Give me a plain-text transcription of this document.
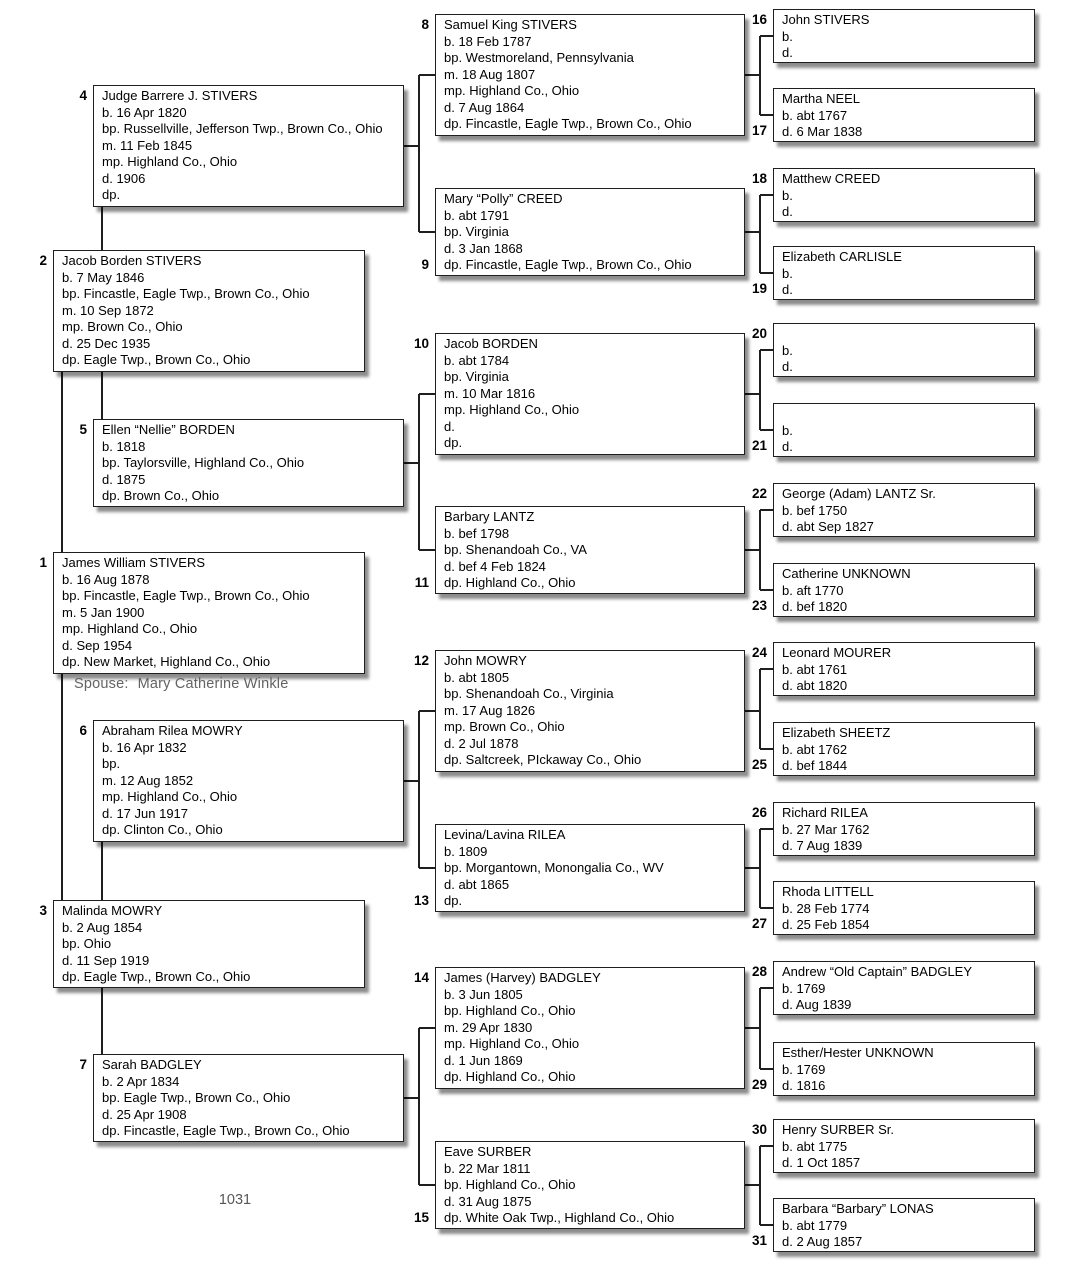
James William STIVERS
b. 16 Aug 1878
bp. Fincastle, Eagle Twp., Brown Co., Ohio
m. 5 Jan 1900
mp. Highland Co., Ohio
d. Sep 1954
dp. New Market, Highland Co., Ohio
1
Jacob Borden STIVERS
b. 7 May 1846
bp. Fincastle, Eagle Twp., Brown Co., Ohio
m. 10 Sep 1872
mp. Brown Co., Ohio
d. 25 Dec 1935
dp. Eagle Twp., Brown Co., Ohio
2
Malinda MOWRY
b. 2 Aug 1854
bp. Ohio
d. 11 Sep 1919
dp. Eagle Twp., Brown Co., Ohio
3
Judge Barrere J. STIVERS
b. 16 Apr 1820
bp. Russellville, Jefferson Twp., Brown Co., Ohio
m. 11 Feb 1845
mp. Highland Co., Ohio
d. 1906
dp.
4
Ellen “Nellie” BORDEN
b. 1818
bp. Taylorsville, Highland Co., Ohio
d. 1875
dp. Brown Co., Ohio
5
Abraham Rilea MOWRY
b. 16 Apr 1832
bp.
m. 12 Aug 1852
mp. Highland Co., Ohio
d. 17 Jun 1917
dp. Clinton Co., Ohio
6
Sarah BADGLEY
b. 2 Apr 1834
bp. Eagle Twp., Brown Co., Ohio
d. 25 Apr 1908
dp. Fincastle, Eagle Twp., Brown Co., Ohio
7
Samuel King STIVERS
b. 18 Feb 1787
bp. Westmoreland, Pennsylvania
m. 18 Aug 1807
mp. Highland Co., Ohio
d. 7 Aug 1864
dp. Fincastle, Eagle Twp., Brown Co., Ohio
8
Mary “Polly” CREED
b. abt 1791
bp. Virginia
d. 3 Jan 1868
dp. Fincastle, Eagle Twp., Brown Co., Ohio
9
Jacob BORDEN
b. abt 1784
bp. Virginia
m. 10 Mar 1816
mp. Highland Co., Ohio
d.
dp.
10
Barbary LANTZ
b. bef 1798
bp. Shenandoah Co., VA
d. bef 4 Feb 1824
dp. Highland Co., Ohio
11
John MOWRY
b. abt 1805
bp. Shenandoah Co., Virginia
m. 17 Aug 1826
mp. Brown Co., Ohio
d. 2 Jul 1878
dp. Saltcreek, PIckaway Co., Ohio
12
Levina/Lavina RILEA
b. 1809
bp. Morgantown, Monongalia Co., WV
d. abt 1865
dp.
13
James (Harvey) BADGLEY
b. 3 Jun 1805
bp. Highland Co., Ohio
m. 29 Apr 1830
mp. Highland Co., Ohio
d. 1 Jun 1869
dp. Highland Co., Ohio
14
Eave SURBER
b. 22 Mar 1811
bp. Highland Co., Ohio
d. 31 Aug 1875
dp. White Oak Twp., Highland Co., Ohio
15
John STIVERS
b.
d.
16
Martha NEEL
b. abt 1767
d. 6 Mar 1838
17
Matthew CREED
b.
d.
18
Elizabeth CARLISLE
b.
d.
19
b.
d.
20
b.
d.
21
George (Adam) LANTZ Sr.
b. bef 1750
d. abt Sep 1827
22
Catherine UNKNOWN
b. aft 1770
d. bef 1820
23
Leonard MOURER
b. abt 1761
d. abt 1820
24
Elizabeth SHEETZ
b. abt 1762
d. bef 1844
25
Richard RILEA
b. 27 Mar 1762
d. 7 Aug 1839
26
Rhoda LITTELL
b. 28 Feb 1774
d. 25 Feb 1854
27
Andrew “Old Captain” BADGLEY
b. 1769
d. Aug 1839
28
Esther/Hester UNKNOWN
b. 1769
d. 1816
29
Henry SURBER Sr.
b. abt 1775
d. 1 Oct 1857
30
Barbara “Barbary” LONAS
b. abt 1779
d. 2 Aug 1857
31
Spouse: Mary Catherine Winkle
1031
